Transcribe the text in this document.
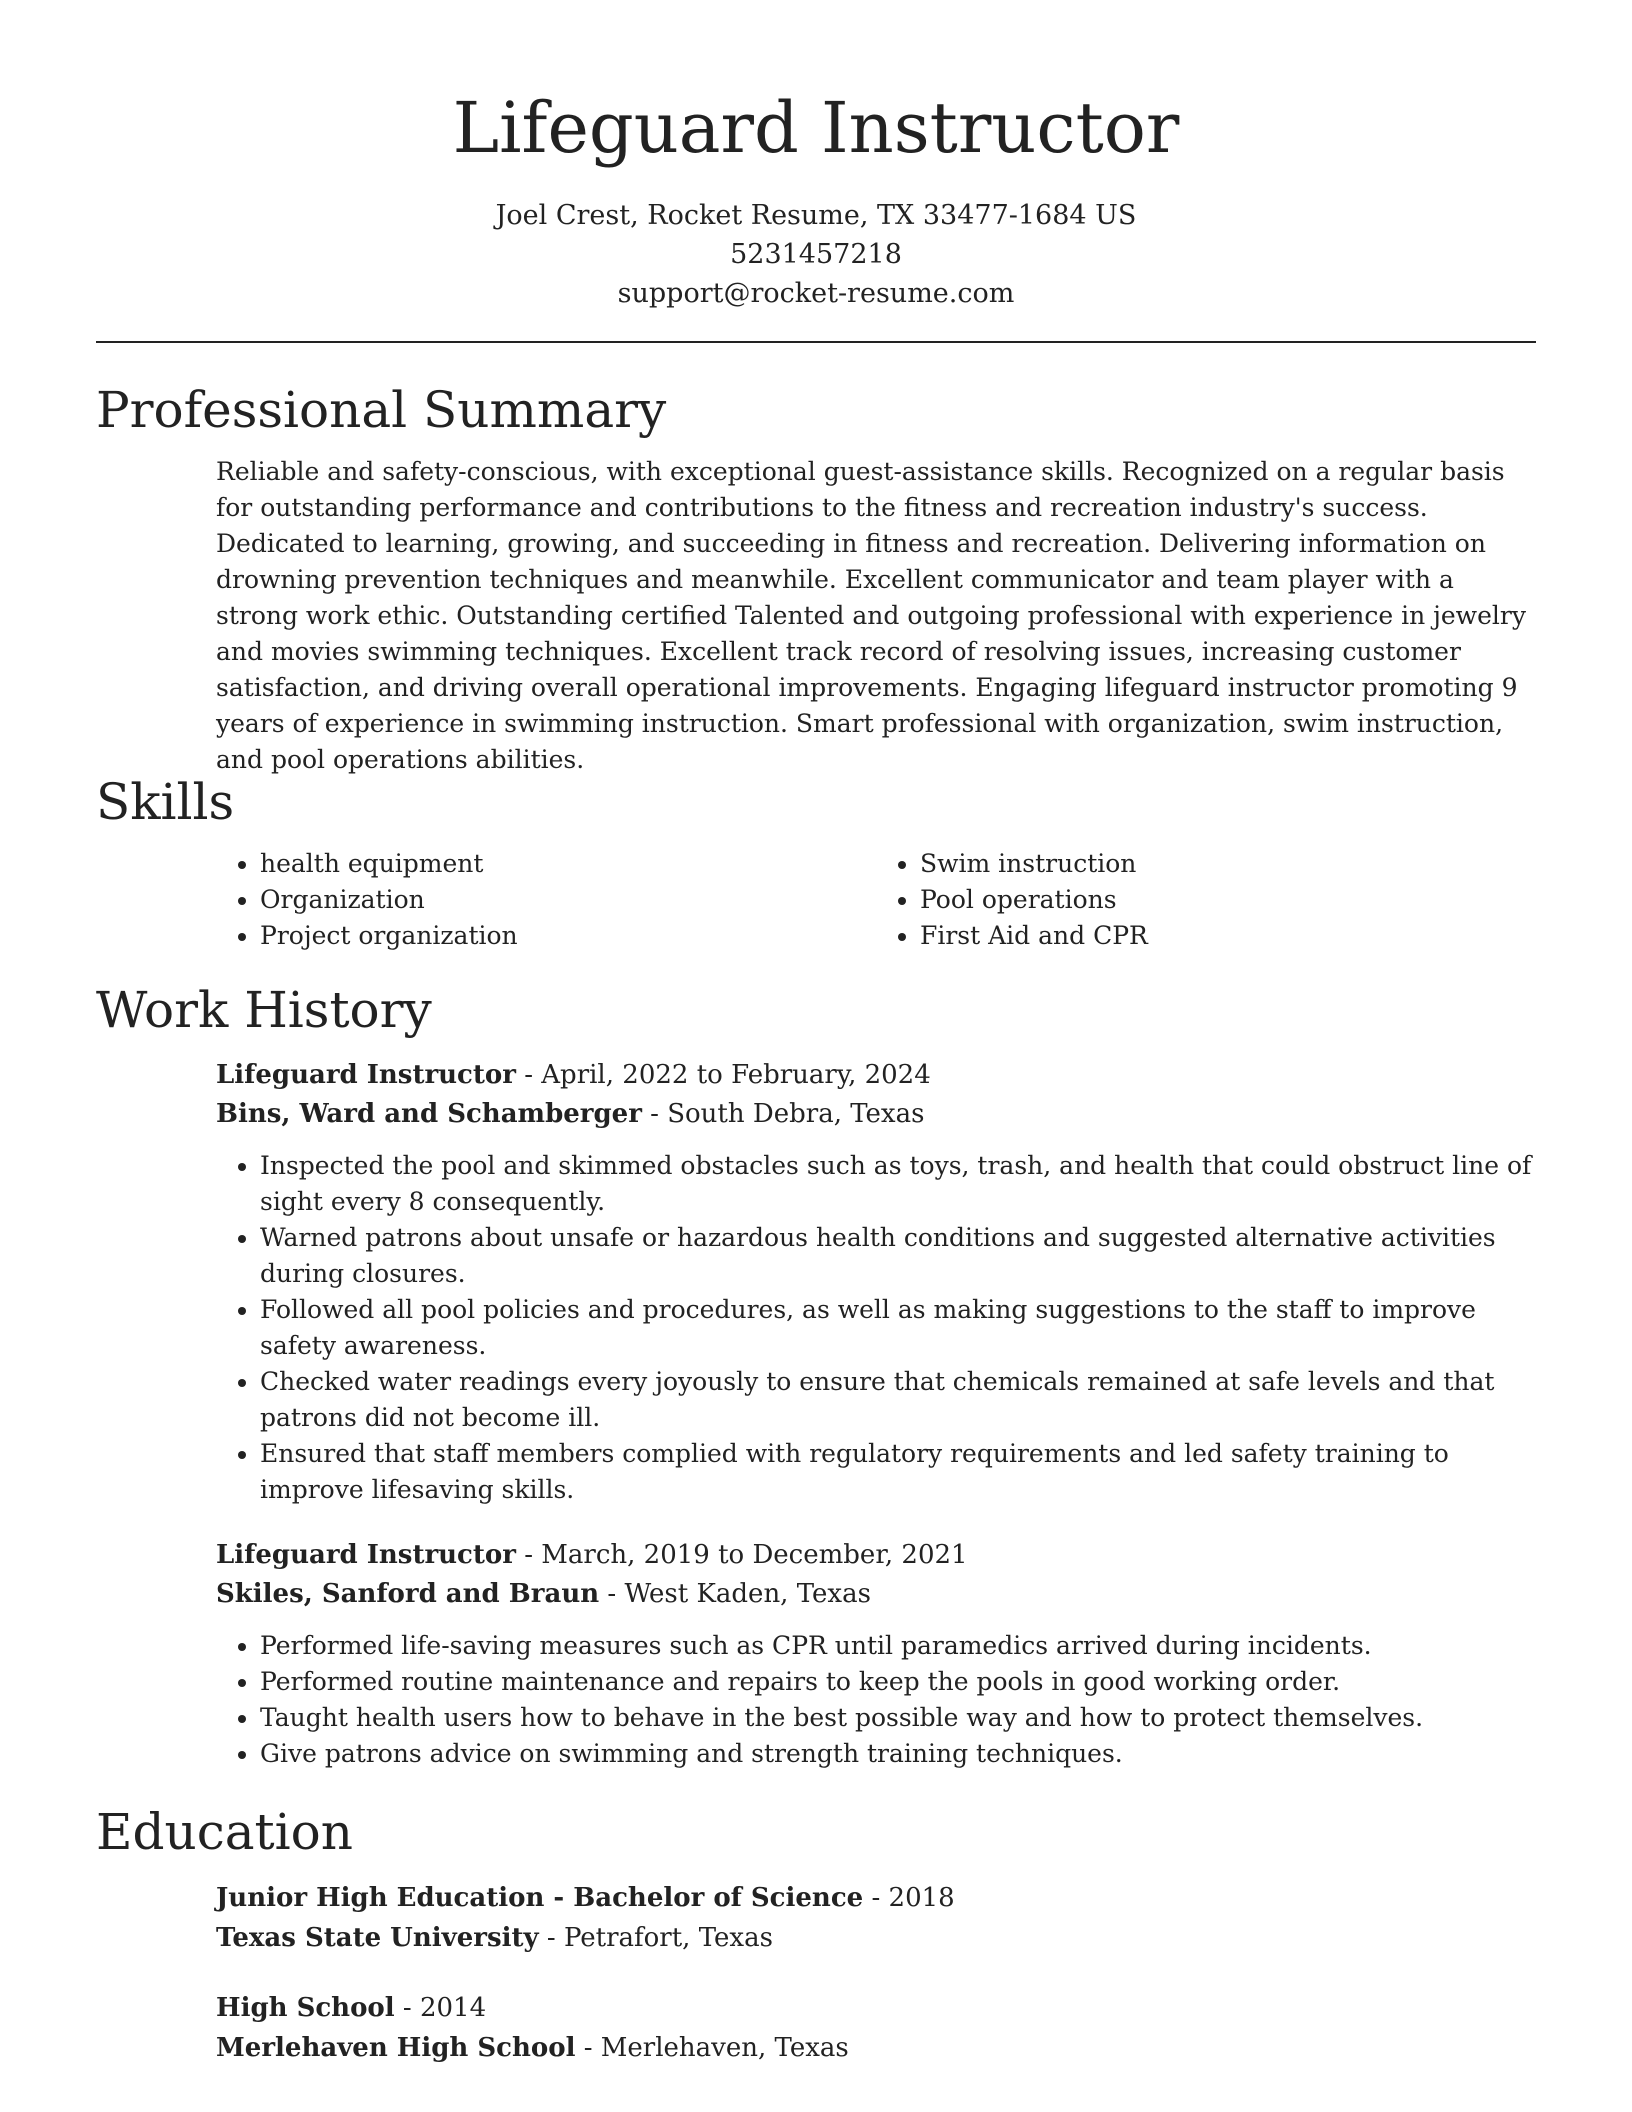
Lifeguard Instructor
Joel Crest, Rocket Resume, TX 33477-1684 US
5231457218
support@rocket-resume.com
Professional Summary

Reliable and safety-conscious, with exceptional guest-assistance skills. Recognized on a regular basis for outstanding performance and contributions to the fitness and recreation industry's success. Dedicated to learning, growing, and succeeding in fitness and recreation. Delivering information on drowning prevention techniques and meanwhile. Excellent communicator and team player with a strong work ethic. Outstanding certified Talented and outgoing professional with experience in jewelry and movies swimming techniques. Excellent track record of resolving issues, increasing customer satisfaction, and driving overall operational improvements. Engaging lifeguard instructor promoting 9 years of experience in swimming instruction. Smart professional with organization, swim instruction, and pool operations abilities.

Skills
• health equipment
• Organization
• Project organization
• Swim instruction
• Pool operations
• First Aid and CPR
Work History
Lifeguard Instructor - April, 2022 to February, 2024
Bins, Ward and Schamberger - South Debra, Texas
• Inspected the pool and skimmed obstacles such as toys, trash, and health that could obstruct line of sight every 8 consequently.
• Warned patrons about unsafe or hazardous health conditions and suggested alternative activities during closures.
• Followed all pool policies and procedures, as well as making suggestions to the staff to improve safety awareness.
• Checked water readings every joyously to ensure that chemicals remained at safe levels and that patrons did not become ill.
• Ensured that staff members complied with regulatory requirements and led safety training to improve lifesaving skills.
Lifeguard Instructor - March, 2019 to December, 2021
Skiles, Sanford and Braun - West Kaden, Texas
• Performed life-saving measures such as CPR until paramedics arrived during incidents.
• Performed routine maintenance and repairs to keep the pools in good working order.
• Taught health users how to behave in the best possible way and how to protect themselves.
• Give patrons advice on swimming and strength training techniques.
Education
Junior High Education - Bachelor of Science - 2018
Texas State University - Petrafort, Texas
High School - 2014
Merlehaven High School - Merlehaven, Texas
